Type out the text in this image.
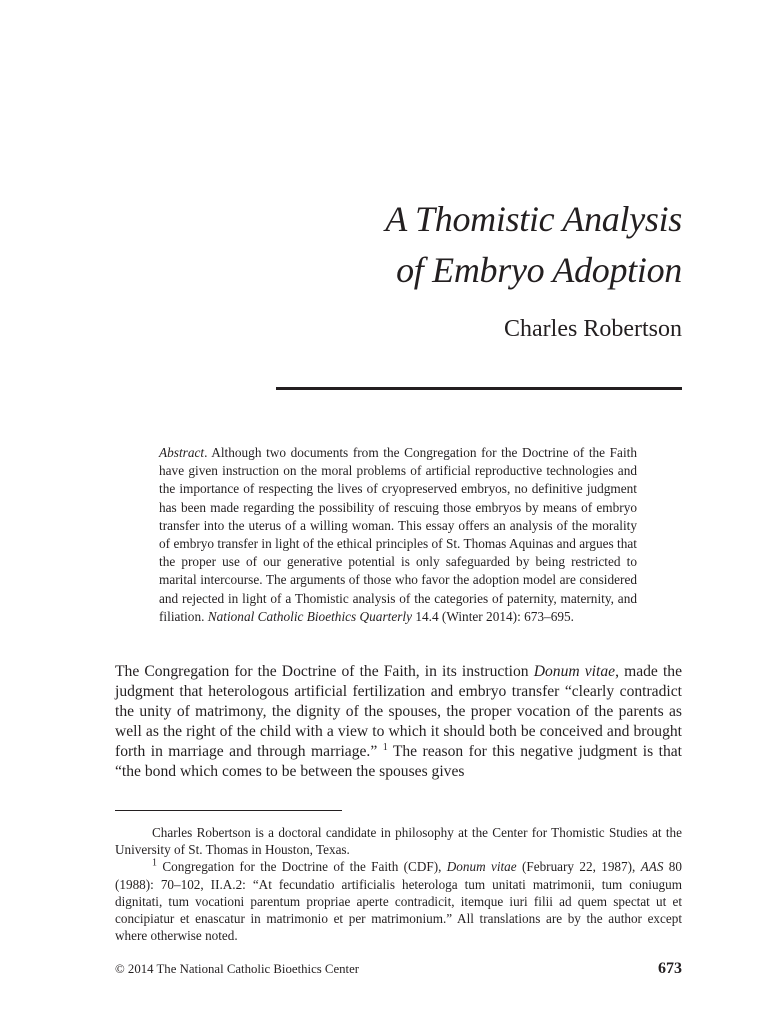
A Thomistic Analysis
of Embryo Adoption

Charles Robertson

Abstract. Although two documents from the Congregation for the Doctrine of the Faith have given instruction on the moral problems of artificial reproductive technologies and the importance of respecting the lives of cryopreserved embryos, no definitive judgment has been made regarding the possibility of rescuing those embryos by means of embryo transfer into the uterus of a willing woman. This essay offers an analysis of the morality of embryo transfer in light of the ethical principles of St. Thomas Aquinas and argues that the proper use of our generative potential is only safeguarded by being restricted to marital intercourse. The arguments of those who favor the adoption model are considered and rejected in light of a Thomistic analysis of the categories of paternity, maternity, and filiation. National Catholic Bioethics Quarterly 14.4 (Winter 2014): 673–695.

The Congregation for the Doctrine of the Faith, in its instruction Donum vitae, made the judgment that heterologous artificial fertilization and embryo transfer “clearly contradict the unity of matrimony, the dignity of the spouses, the proper vocation of the parents as well as the right of the child with a view to which it should both be conceived and brought forth in marriage and through marriage.” $^1$ The reason for this negative judgment is that “the bond which comes to be between the spouses gives

Charles Robertson is a doctoral candidate in philosophy at the Center for Thomistic Studies at the University of St. Thomas in Houston, Texas.

$^1$ Congregation for the Doctrine of the Faith (CDF), Donum vitae (February 22, 1987), AAS 80 (1988): 70–102, II.A.2: “At fecundatio artificialis heterologa tum unitati matrimonii, tum coniugum dignitati, tum vocationi parentum propriae aperte contradicit, itemque iuri filii ad quem spectat ut et concipiatur et enascatur in matrimonio et per matrimonium.” All translations are by the author except where otherwise noted.

© 2014 The National Catholic Bioethics Center	673
